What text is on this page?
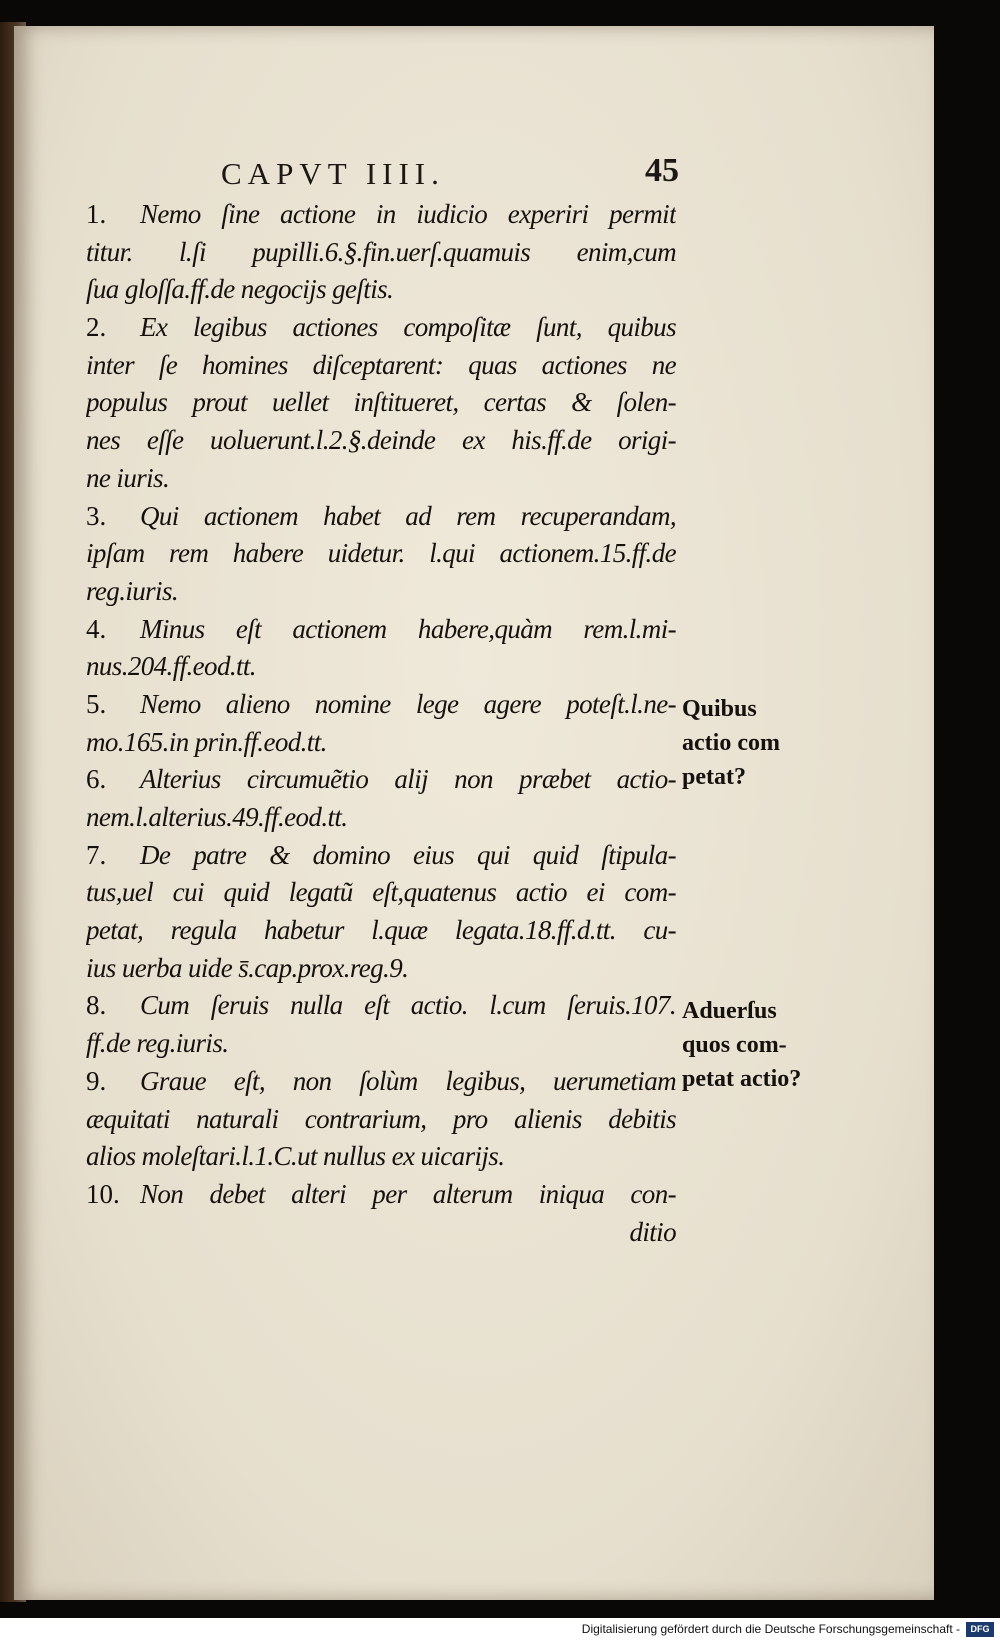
CAPVT IIII.	45
1. Nemo ſine actione in iudicio experiri permit
titur. l.ſi pupilli.6.§.fin.uerſ.quamuis enim,cum
ſua gloſſa.ff.de negocijs geſtis.
2. Ex legibus actiones compoſitæ ſunt, quibus
inter ſe homines diſceptarent: quas actiones ne
populus prout uellet inſtitueret, certas & ſolen-
nes eſſe uoluerunt.l.2.§.deinde ex his.ff.de origi-
ne iuris.
3. Qui actionem habet ad rem recuperandam,
ipſam rem habere uidetur. l.qui actionem.15.ff.de
reg.iuris.
4. Minus eſt actionem habere,quàm rem.l.mi-
nus.204.ff.eod.tt.
5. Nemo alieno nomine lege agere poteſt.l.ne-
mo.165.in prin.ff.eod.tt.
6. Alterius circumuẽtio alij non præbet actio-
nem.l.alterius.49.ff.eod.tt.
7. De patre & domino eius qui quid ſtipula-
tus,uel cui quid legatũ eſt,quatenus actio ei com-
petat, regula habetur l.quæ legata.18.ff.d.tt. cu-
ius uerba uide s̄.cap.prox.reg.9.
8. Cum ſeruis nulla eſt actio. l.cum ſeruis.107.
ff.de reg.iuris.
9. Graue eſt, non ſolùm legibus, uerumetiam
æquitati naturali contrarium, pro alienis debitis
alios moleſtari.l.1.C.ut nullus ex uicarijs.
10. Non debet alteri per alterum iniqua con-
ditio
Quibus
actio com
petat?
Aduerſus
quos com-
petat actio?
Digitalisierung gefördert durch die Deutsche Forschungsgemeinschaft -	DFG
